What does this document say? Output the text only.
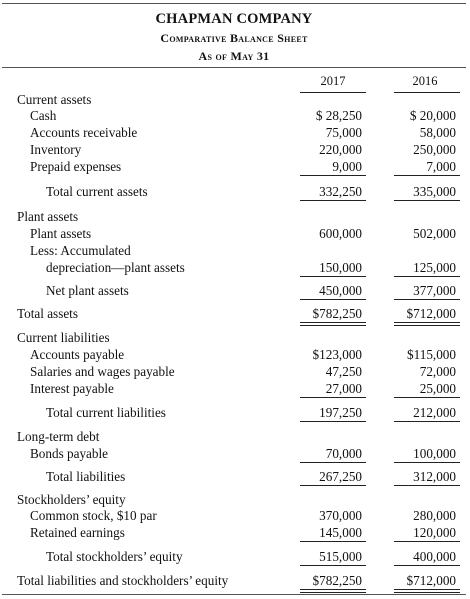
CHAPMAN COMPANY
Comparative Balance Sheet
As of May 31
2017	2016
Current assets
Cash	$ 28,250	$ 20,000
Accounts receivable	75,000	58,000
Inventory	220,000	250,000
Prepaid expenses	9,000	7,000
Total current assets	332,250	335,000
Plant assets
Plant assets	600,000	502,000
Less: Accumulated
depreciation—plant assets	150,000	125,000
Net plant assets	450,000	377,000
Total assets	$782,250	$712,000
Current liabilities
Accounts payable	$123,000	$115,000
Salaries and wages payable	47,250	72,000
Interest payable	27,000	25,000
Total current liabilities	197,250	212,000
Long-term debt
Bonds payable	70,000	100,000
Total liabilities	267,250	312,000
Stockholders’ equity
Common stock, $10 par	370,000	280,000
Retained earnings	145,000	120,000
Total stockholders’ equity	515,000	400,000
Total liabilities and stockholders’ equity	$782,250	$712,000
